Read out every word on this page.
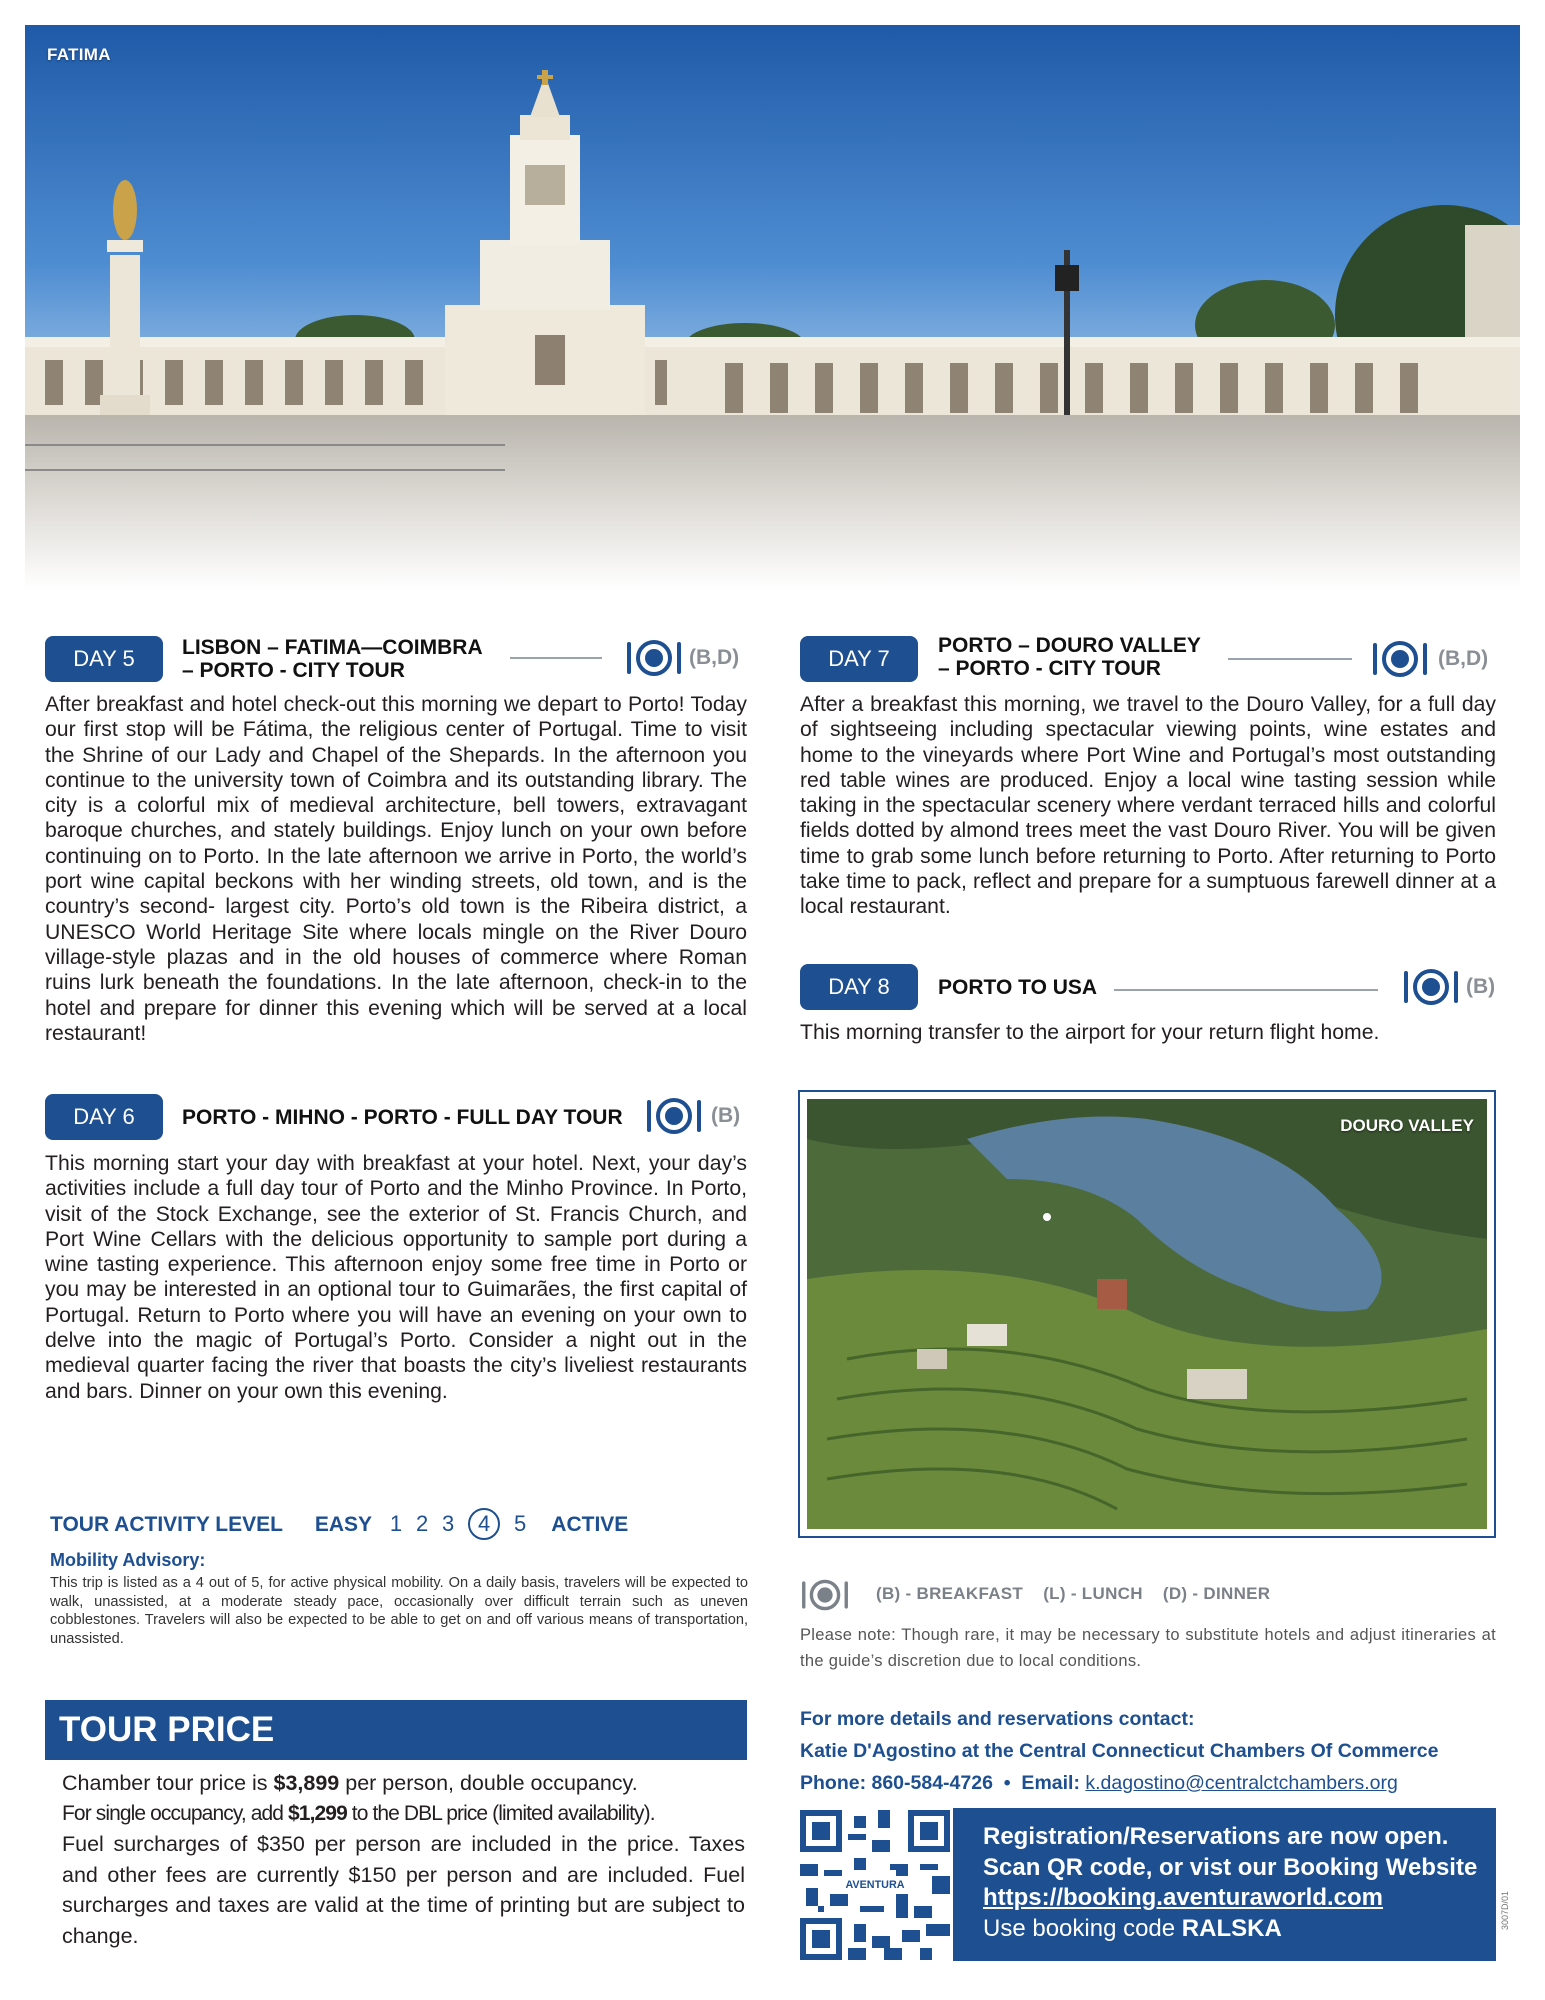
FATIMA
DAY 5	LISBON – FATIMA—COIMBRA
– PORTO - CITY TOUR
(B,D)
After breakfast and hotel check-out this morning we depart to Porto! Today our first stop will be Fátima, the religious center of Portugal. Time to visit the Shrine of our Lady and Chapel of the Shepards. In the afternoon you continue to the university town of Coimbra and its outstanding library. The city is a colorful mix of medieval architecture, bell towers, extravagant baroque churches, and stately buildings. Enjoy lunch on your own before continuing on to Porto. In the late afternoon we arrive in Porto, the world’s port wine capital beckons with her winding streets, old town, and is the country’s second- largest city. Porto’s old town is the Ribeira district, a UNESCO World Heritage Site where locals mingle on the River Douro village-style plazas and in the old houses of commerce where Roman ruins lurk beneath the foundations. In the late afternoon, check-in to the hotel and prepare for dinner this evening which will be served at a local restaurant!
DAY 6	PORTO - MIHNO - PORTO - FULL DAY TOUR	(B)
This morning start your day with breakfast at your hotel. Next, your day’s activities include a full day tour of Porto and the Minho Province. In Porto, visit of the Stock Exchange, see the exterior of St. Francis Church, and Port Wine Cellars with the delicious opportunity to sample port during a wine tasting experience. This afternoon enjoy some free time in Porto or you may be interested in an optional tour to Guimarães, the first capital of Portugal. Return to Porto where you will have an evening on your own to delve into the magic of Portugal’s Porto. Consider a night out in the medieval quarter facing the river that boasts the city’s liveliest restaurants and bars. Dinner on your own this evening.
DAY 7
PORTO – DOURO VALLEY
– PORTO - CITY TOUR	(B,D)
After a breakfast this morning, we travel to the Douro Valley, for a full day of sightseeing including spectacular viewing points, wine estates and home to the vineyards where Port Wine and Portugal’s most outstanding red table wines are produced. Enjoy a local wine tasting session while taking in the spectacular scenery where verdant terraced hills and colorful fields dotted by almond trees meet the vast Douro River. You will be given time to grab some lunch before returning to Porto. After returning to Porto take time to pack, reflect and prepare for a sumptuous farewell dinner at a local restaurant.
DAY 8	PORTO TO USA	(B)
This morning transfer to the airport for your return flight home.
DOURO VALLEY
TOUR ACTIVITY LEVEL EASY 1 2 3 4 5 ACTIVE
Mobility Advisory:
This trip is listed as a 4 out of 5, for active physical mobility. On a daily basis, travelers will be expected to walk, unassisted, at a moderate steady pace, occasionally over difficult terrain such as uneven cobblestones. Travelers will also be expected to be able to get on and off various means of transportation, unassisted.
TOUR PRICE
Chamber tour price is $3,899 per person, double occupancy.
For single occupancy, add $1,299 to the DBL price (limited availability).

Fuel surcharges of $350 per person are included in the price. Taxes and other fees are currently $150 per person and are included. Fuel surcharges and taxes are valid at the time of printing but are subject to change.

(B) - BREAKFAST    (L) - LUNCH    (D) - DINNER
Please note: Though rare, it may be necessary to substitute hotels and adjust itineraries at the guide’s discretion due to local conditions.
For more details and reservations contact:
Katie D'Agostino at the Central Connecticut Chambers Of Commerce
Phone: 860-584-4726  •  Email: k.dagostino@centralctchambers.org
AVENTURA
Registration/Reservations are now open.
Scan QR code, or vist our Booking Website
https://booking.aventuraworld.com
Use booking code RALSKA	3007D/01
